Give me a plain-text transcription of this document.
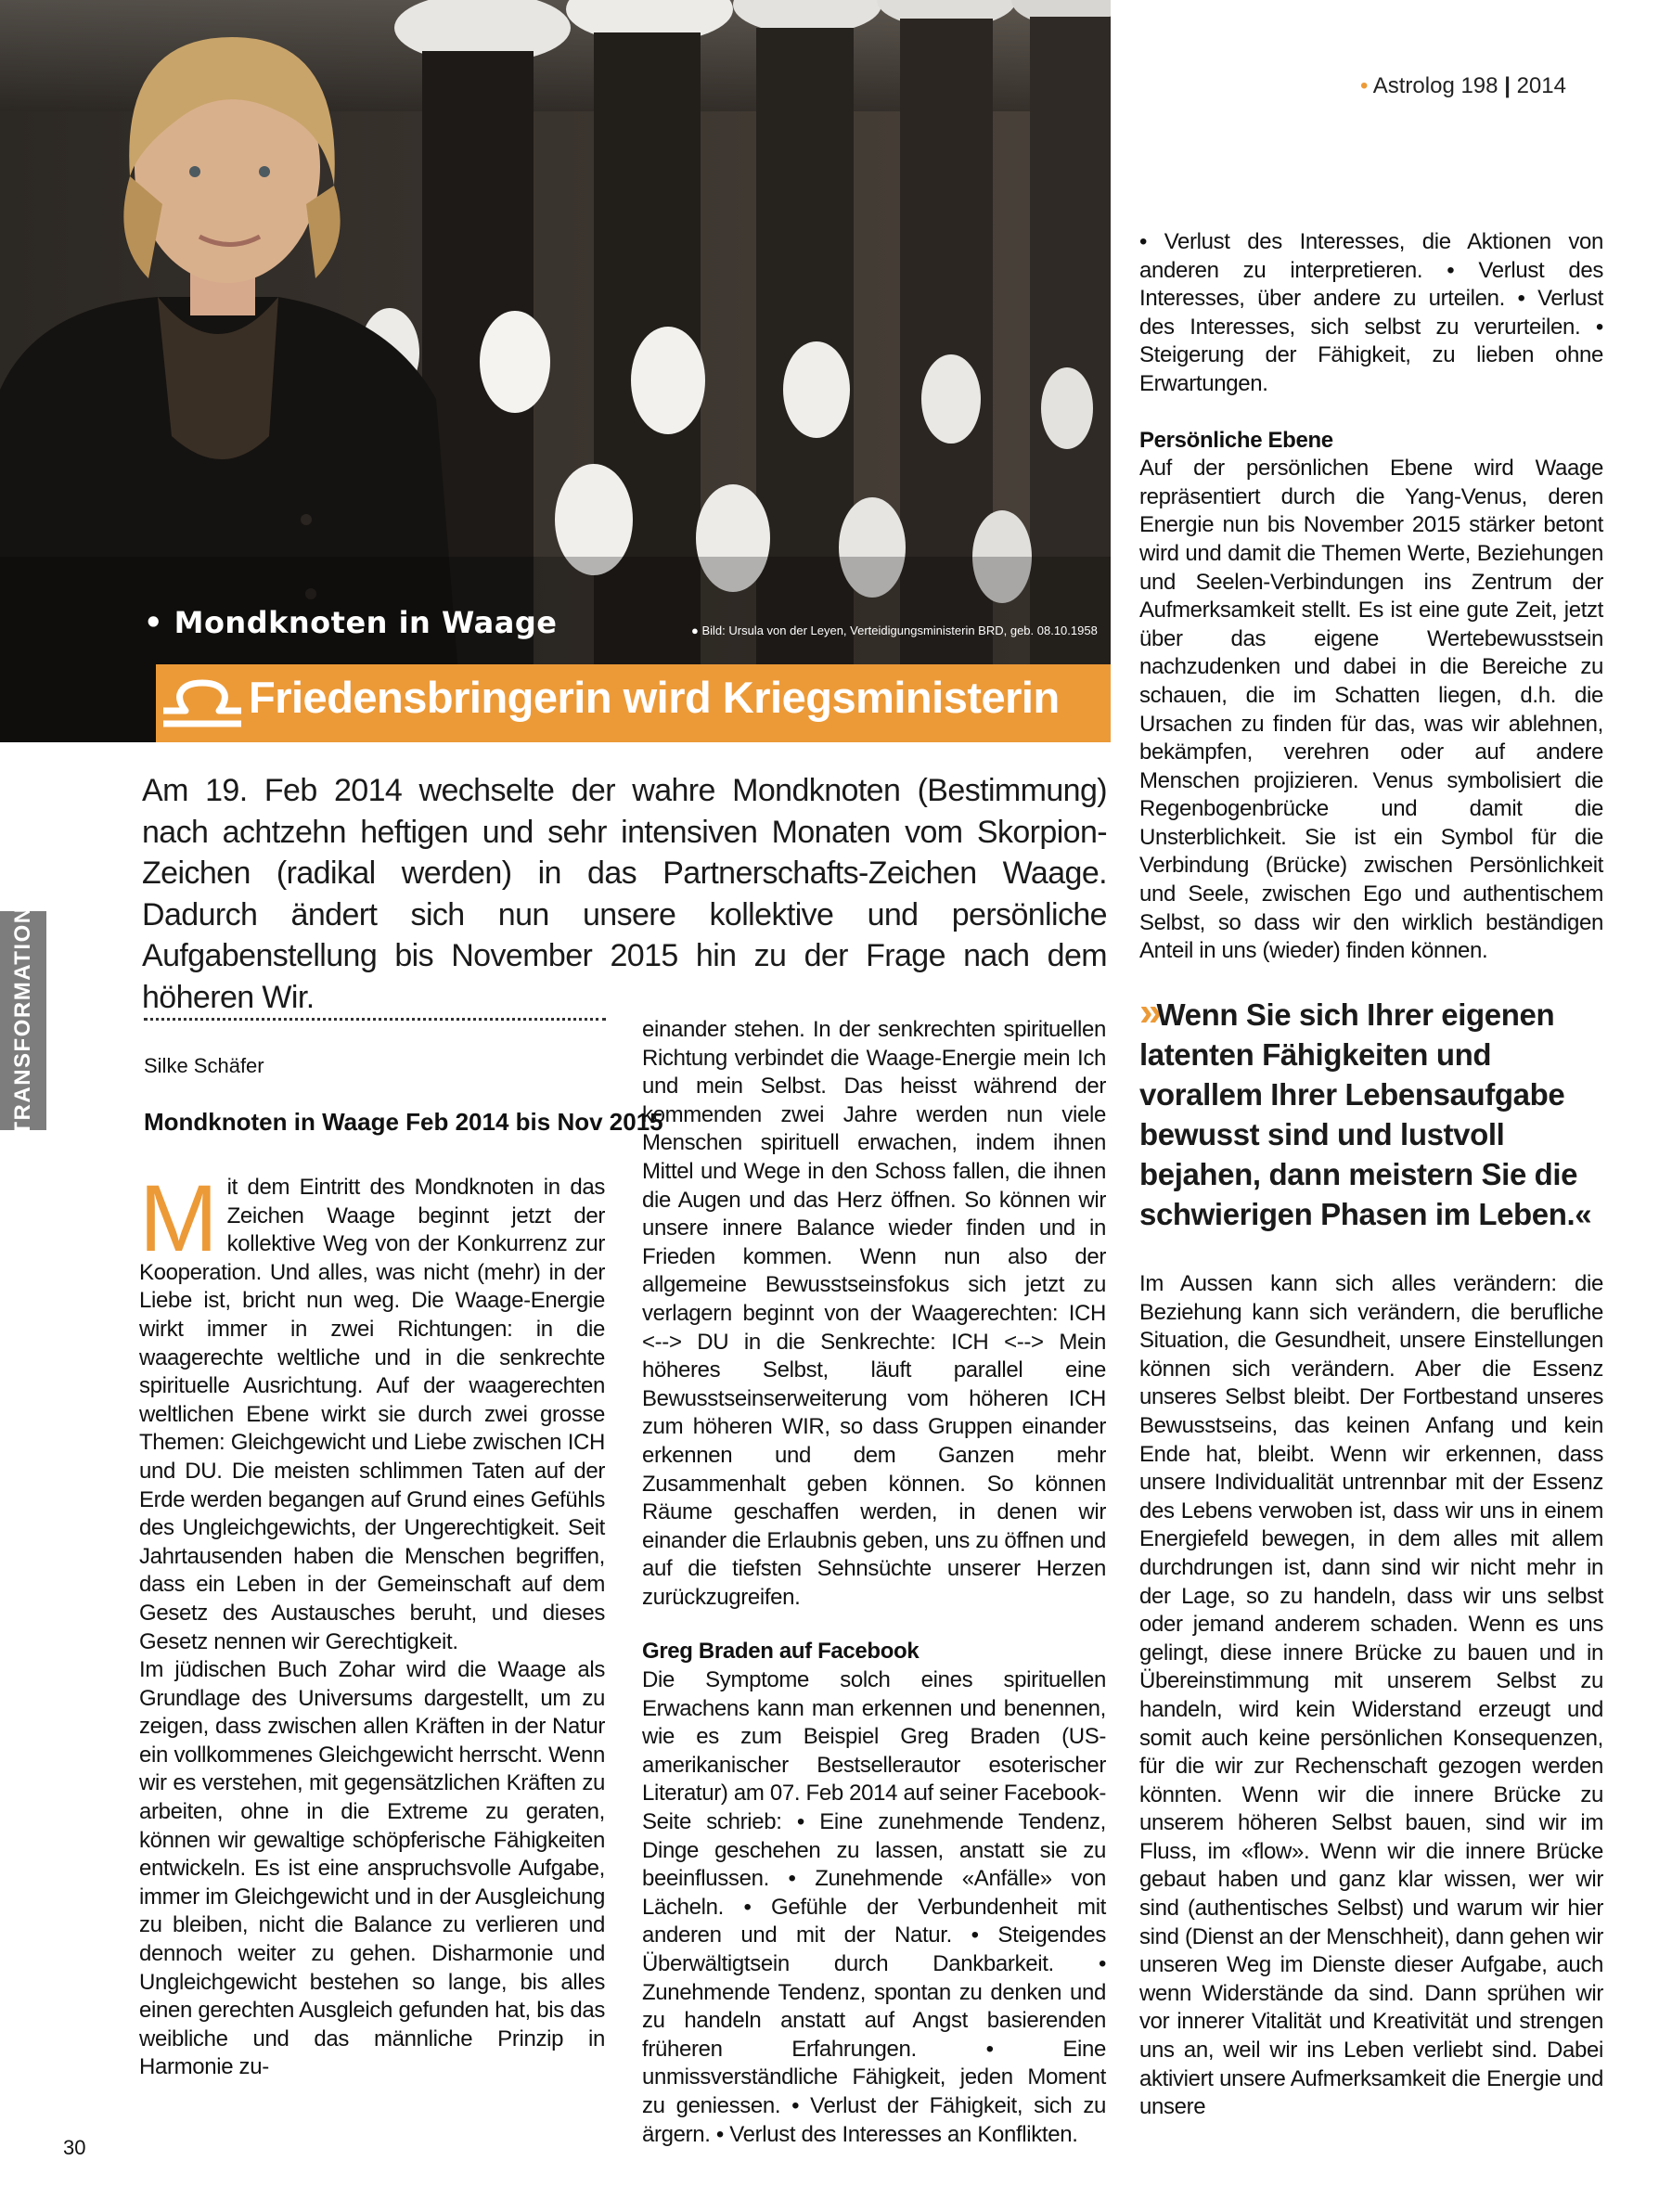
• Mondknoten in Waage	● Bild: Ursula von der Leyen, Verteidigungsministerin BRD, geb. 08.10.1958
Friedensbringerin wird Kriegsministerin
• Astrolog 198 | 2014
TRANSFORMATION
Am 19. Feb 2014 wechselte der wahre Mondknoten (Bestimmung) nach achtzehn heftigen und sehr intensiven Monaten vom Skorpion-Zeichen (radikal werden) in das Partnerschafts-Zeichen Waage. Dadurch ändert sich nun unsere kollektive und persönliche Aufgabenstellung bis November 2015 hin zu der Frage nach dem höheren Wir.
Silke Schäfer
Mondknoten in Waage Feb 2014 bis Nov 2015

Mit dem Eintritt des Mondknoten in das Zeichen Waage beginnt jetzt der kollektive Weg von der Konkurrenz zur Kooperation. Und alles, was nicht (mehr) in der Liebe ist, bricht nun weg. Die Waage-Energie wirkt immer in zwei Richtungen: in die waagerechte weltliche und in die senkrechte spirituelle Ausrichtung. Auf der waagerechten weltlichen Ebene wirkt sie durch zwei grosse Themen: Gleichgewicht und Liebe zwischen ICH und DU. Die meisten schlimmen Taten auf der Erde werden begangen auf Grund eines Gefühls des Ungleichgewichts, der Ungerechtigkeit. Seit Jahrtausenden haben die Menschen begriffen, dass ein Leben in der Gemeinschaft auf dem Gesetz des Austausches beruht, und dieses Gesetz nennen wir Gerechtigkeit.

Im jüdischen Buch Zohar wird die Waage als Grundlage des Universums dargestellt, um zu zeigen, dass zwischen allen Kräften in der Natur ein vollkommenes Gleichgewicht herrscht. Wenn wir es verstehen, mit gegensätzlichen Kräften zu arbeiten, ohne in die Extreme zu geraten, können wir gewaltige schöpferische Fähigkeiten entwickeln. Es ist eine anspruchsvolle Aufgabe, immer im Gleichgewicht und in der Ausgleichung zu bleiben, nicht die Balance zu verlieren und dennoch weiter zu gehen. Disharmonie und Ungleichgewicht bestehen so lange, bis alles einen gerechten Ausgleich gefunden hat, bis das weibliche und das männliche Prinzip in Harmonie zu-

einander stehen. In der senkrechten spirituellen Richtung verbindet die Waage-Energie mein Ich und mein Selbst. Das heisst während der kommenden zwei Jahre werden nun viele Menschen spirituell erwachen, indem ihnen Mittel und Wege in den Schoss fallen, die ihnen die Augen und das Herz öffnen. So können wir unsere innere Balance wieder finden und in Frieden kommen. Wenn nun also der allgemeine Bewusstseinsfokus sich jetzt zu verlagern beginnt von der Waagerechten: ICH <--> DU in die Senkrechte: ICH <--> Mein höheres Selbst, läuft parallel eine Bewusstseinserweiterung vom höheren ICH zum höheren WIR, so dass Gruppen einander erkennen und dem Ganzen mehr Zusammenhalt geben können. So können Räume geschaffen werden, in denen wir einander die Erlaubnis geben, uns zu öffnen und auf die tiefsten Sehnsüchte unserer Herzen zurückzugreifen.

Greg Braden auf Facebook

Die Symptome solch eines spirituellen Erwachens kann man erkennen und benennen, wie es zum Beispiel Greg Braden (US-amerikanischer Bestsellerautor esoterischer Literatur) am 07. Feb 2014 auf seiner Facebook-Seite schrieb: • Eine zunehmende Tendenz, Dinge geschehen zu lassen, anstatt sie zu beeinflussen. • Zunehmende «Anfälle» von Lächeln. • Gefühle der Verbundenheit mit anderen und mit der Natur. • Steigendes Überwältigtsein durch Dankbarkeit. • Zunehmende Tendenz, spontan zu denken und zu handeln anstatt auf Angst basierenden früheren Erfahrungen. • Eine unmissverständliche Fähigkeit, jeden Moment zu geniessen. • Verlust der Fähigkeit, sich zu ärgern. • Verlust des Interesses an Konflikten.

• Verlust des Interesses, die Aktionen von anderen zu interpretieren. • Verlust des Interesses, über andere zu urteilen. • Verlust des Interesses, sich selbst zu verurteilen. • Steigerung der Fähigkeit, zu lieben ohne Erwartungen.

Persönliche Ebene

Auf der persönlichen Ebene wird Waage repräsentiert durch die Yang-Venus, deren Energie nun bis November 2015 stärker betont wird und damit die Themen Werte, Beziehungen und Seelen-Verbindungen ins Zentrum der Aufmerksamkeit stellt. Es ist eine gute Zeit, jetzt über das eigene Wertebewusstsein nachzudenken und dabei in die Bereiche zu schauen, die im Schatten liegen, d.h. die Ursachen zu finden für das, was wir ablehnen, bekämpfen, verehren oder auf andere Menschen projizieren. Venus symbolisiert die Regenbogenbrücke und damit die Unsterblichkeit. Sie ist ein Symbol für die Verbindung (Brücke) zwischen Persönlichkeit und Seele, zwischen Ego und authentischem Selbst, so dass wir den wirklich beständigen Anteil in uns (wieder) finden können.

»Wenn Sie sich Ihrer eigenen latenten Fähigkeiten und vorallem Ihrer Lebensaufgabe bewusst sind und lustvoll bejahen, dann meistern Sie die schwierigen Phasen im Leben.«

Im Aussen kann sich alles verändern: die Beziehung kann sich verändern, die berufliche Situation, die Gesundheit, unsere Einstellungen können sich verändern. Aber die Essenz unseres Selbst bleibt. Der Fortbestand unseres Bewusstseins, das keinen Anfang und kein Ende hat, bleibt. Wenn wir erkennen, dass unsere Individualität untrennbar mit der Essenz des Lebens verwoben ist, dass wir uns in einem Energiefeld bewegen, in dem alles mit allem durchdrungen ist, dann sind wir nicht mehr in der Lage, so zu handeln, dass wir uns selbst oder jemand anderem schaden. Wenn es uns gelingt, diese innere Brücke zu bauen und in Übereinstimmung mit unserem Selbst zu handeln, wird kein Widerstand erzeugt und somit auch keine persönlichen Konsequenzen, für die wir zur Rechenschaft gezogen werden könnten. Wenn wir die innere Brücke zu unserem höheren Selbst bauen, sind wir im Fluss, im «flow». Wenn wir die innere Brücke gebaut haben und ganz klar wissen, wer wir sind (authentisches Selbst) und warum wir hier sind (Dienst an der Menschheit), dann gehen wir unseren Weg im Dienste dieser Aufgabe, auch wenn Widerstände da sind. Dann sprühen wir vor innerer Vitalität und Kreativität und strengen uns an, weil wir ins Leben verliebt sind. Dabei aktiviert unsere Aufmerksamkeit die Energie und unsere

30
